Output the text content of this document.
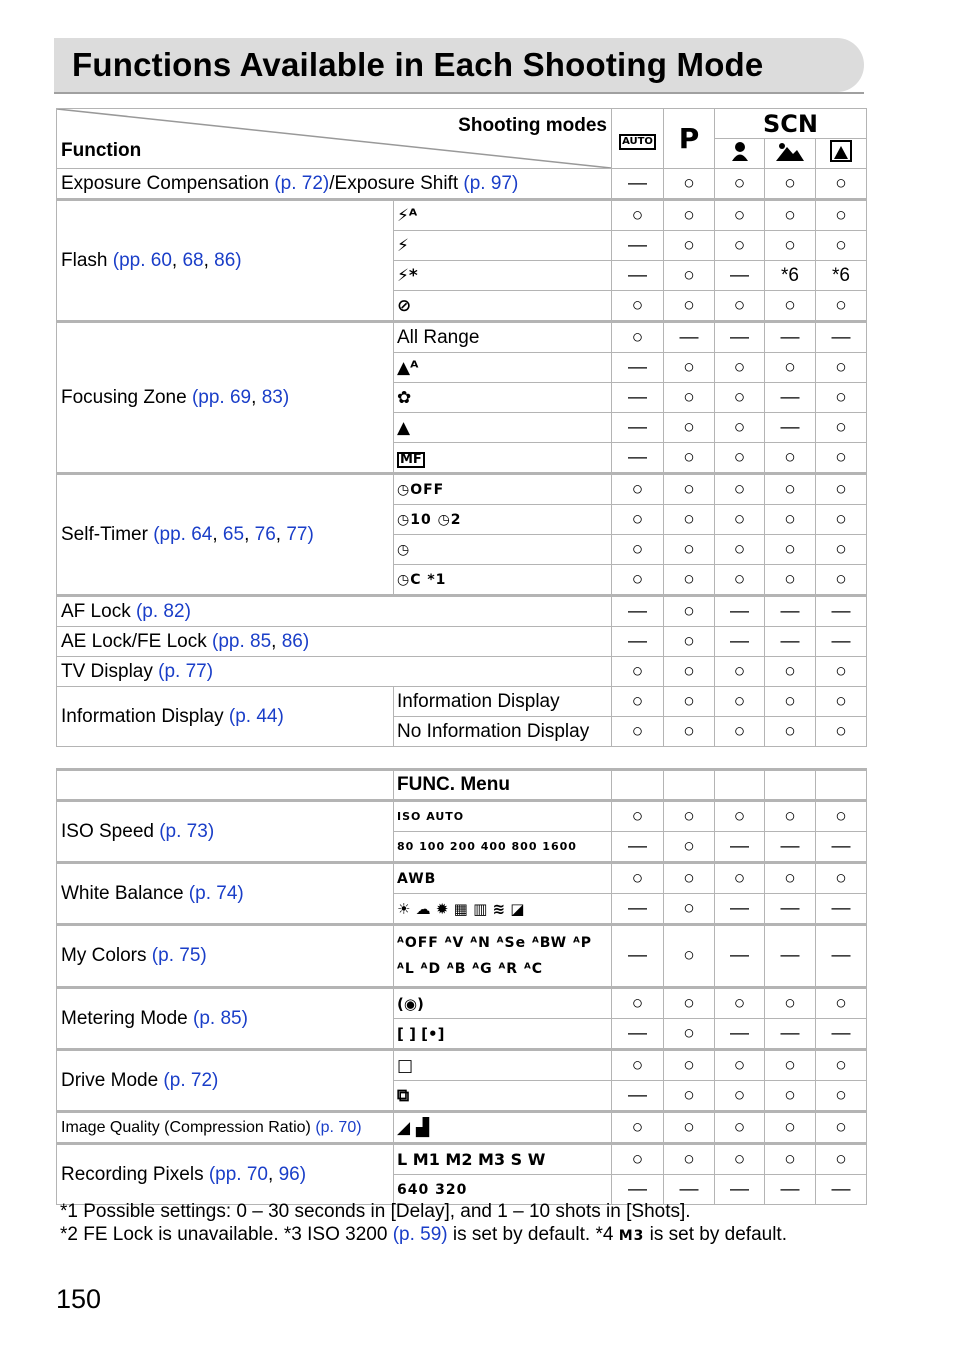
Functions Available in Each Shooting Mode
Shooting modes
Function		AUTO	P	SCN		

Exposure Compensation (p. 72)/Exposure Shift (p. 97)		—	○	○	○	○
Flash (pp. 60, 68, 86)	⚡ᴬ	○	○	○	○	○
	⚡	—	○	○	○	○
	⚡*	—	○	—	*6	*6
	⊘	○	○	○	○	○
Focusing Zone (pp. 69, 83)	All Range	○	—	—	—	—
	▲ᴬ	—	○	○	○	○
	✿	—	○	○	—	○
	▲	—	○	○	—	○
	MF	—	○	○	○	○
Self-Timer (pp. 64, 65, 76, 77)	◷OFF	○	○	○	○	○
	◷10 ◷2	○	○	○	○	○
	◷	○	○	○	○	○
	◷C *1	○	○	○	○	○
AF Lock (p. 82)		—	○	—	—	—
AE Lock/FE Lock (pp. 85, 86)		—	○	—	—	—
TV Display (p. 77)		○	○	○	○	○
Information Display (p. 44)	Information Display	○	○	○	○	○
	No Information Display	○	○	○	○	○
	FUNC. Menu					
ISO Speed (p. 73)	ISO AUTO	○	○	○	○	○
	80 100 200 400 800 1600	—	○	—	—	—
White Balance (p. 74)	AWB	○	○	○	○	○
	☀ ☁ ✹ ▦ ▥ ≋ ◪	—	○	—	—	—
My Colors (p. 75)	ᴬOFF ᴬV ᴬN ᴬSe ᴬBW ᴬP
ᴬL ᴬD ᴬB ᴬG ᴬR ᴬC	—	○	—	—	—
Metering Mode (p. 85)	(◉)	○	○	○	○	○
	[ ] [•]	—	○	—	—	—
Drive Mode (p. 72)	□	○	○	○	○	○
	⧉	—	○	○	○	○
Image Quality (Compression Ratio) (p. 70)	◢ ▟	○	○	○	○	○
Recording Pixels (pp. 70, 96)	L M1 M2 M3 S W	○	○	○	○	○
	640 320	—	—	—	—	—
*1 Possible settings: 0 – 30 seconds in [Delay], and 1 – 10 shots in [Shots].
*2 FE Lock is unavailable. *3 ISO 3200 (p. 59) is set by default. *4 M3 is set by default.
150
